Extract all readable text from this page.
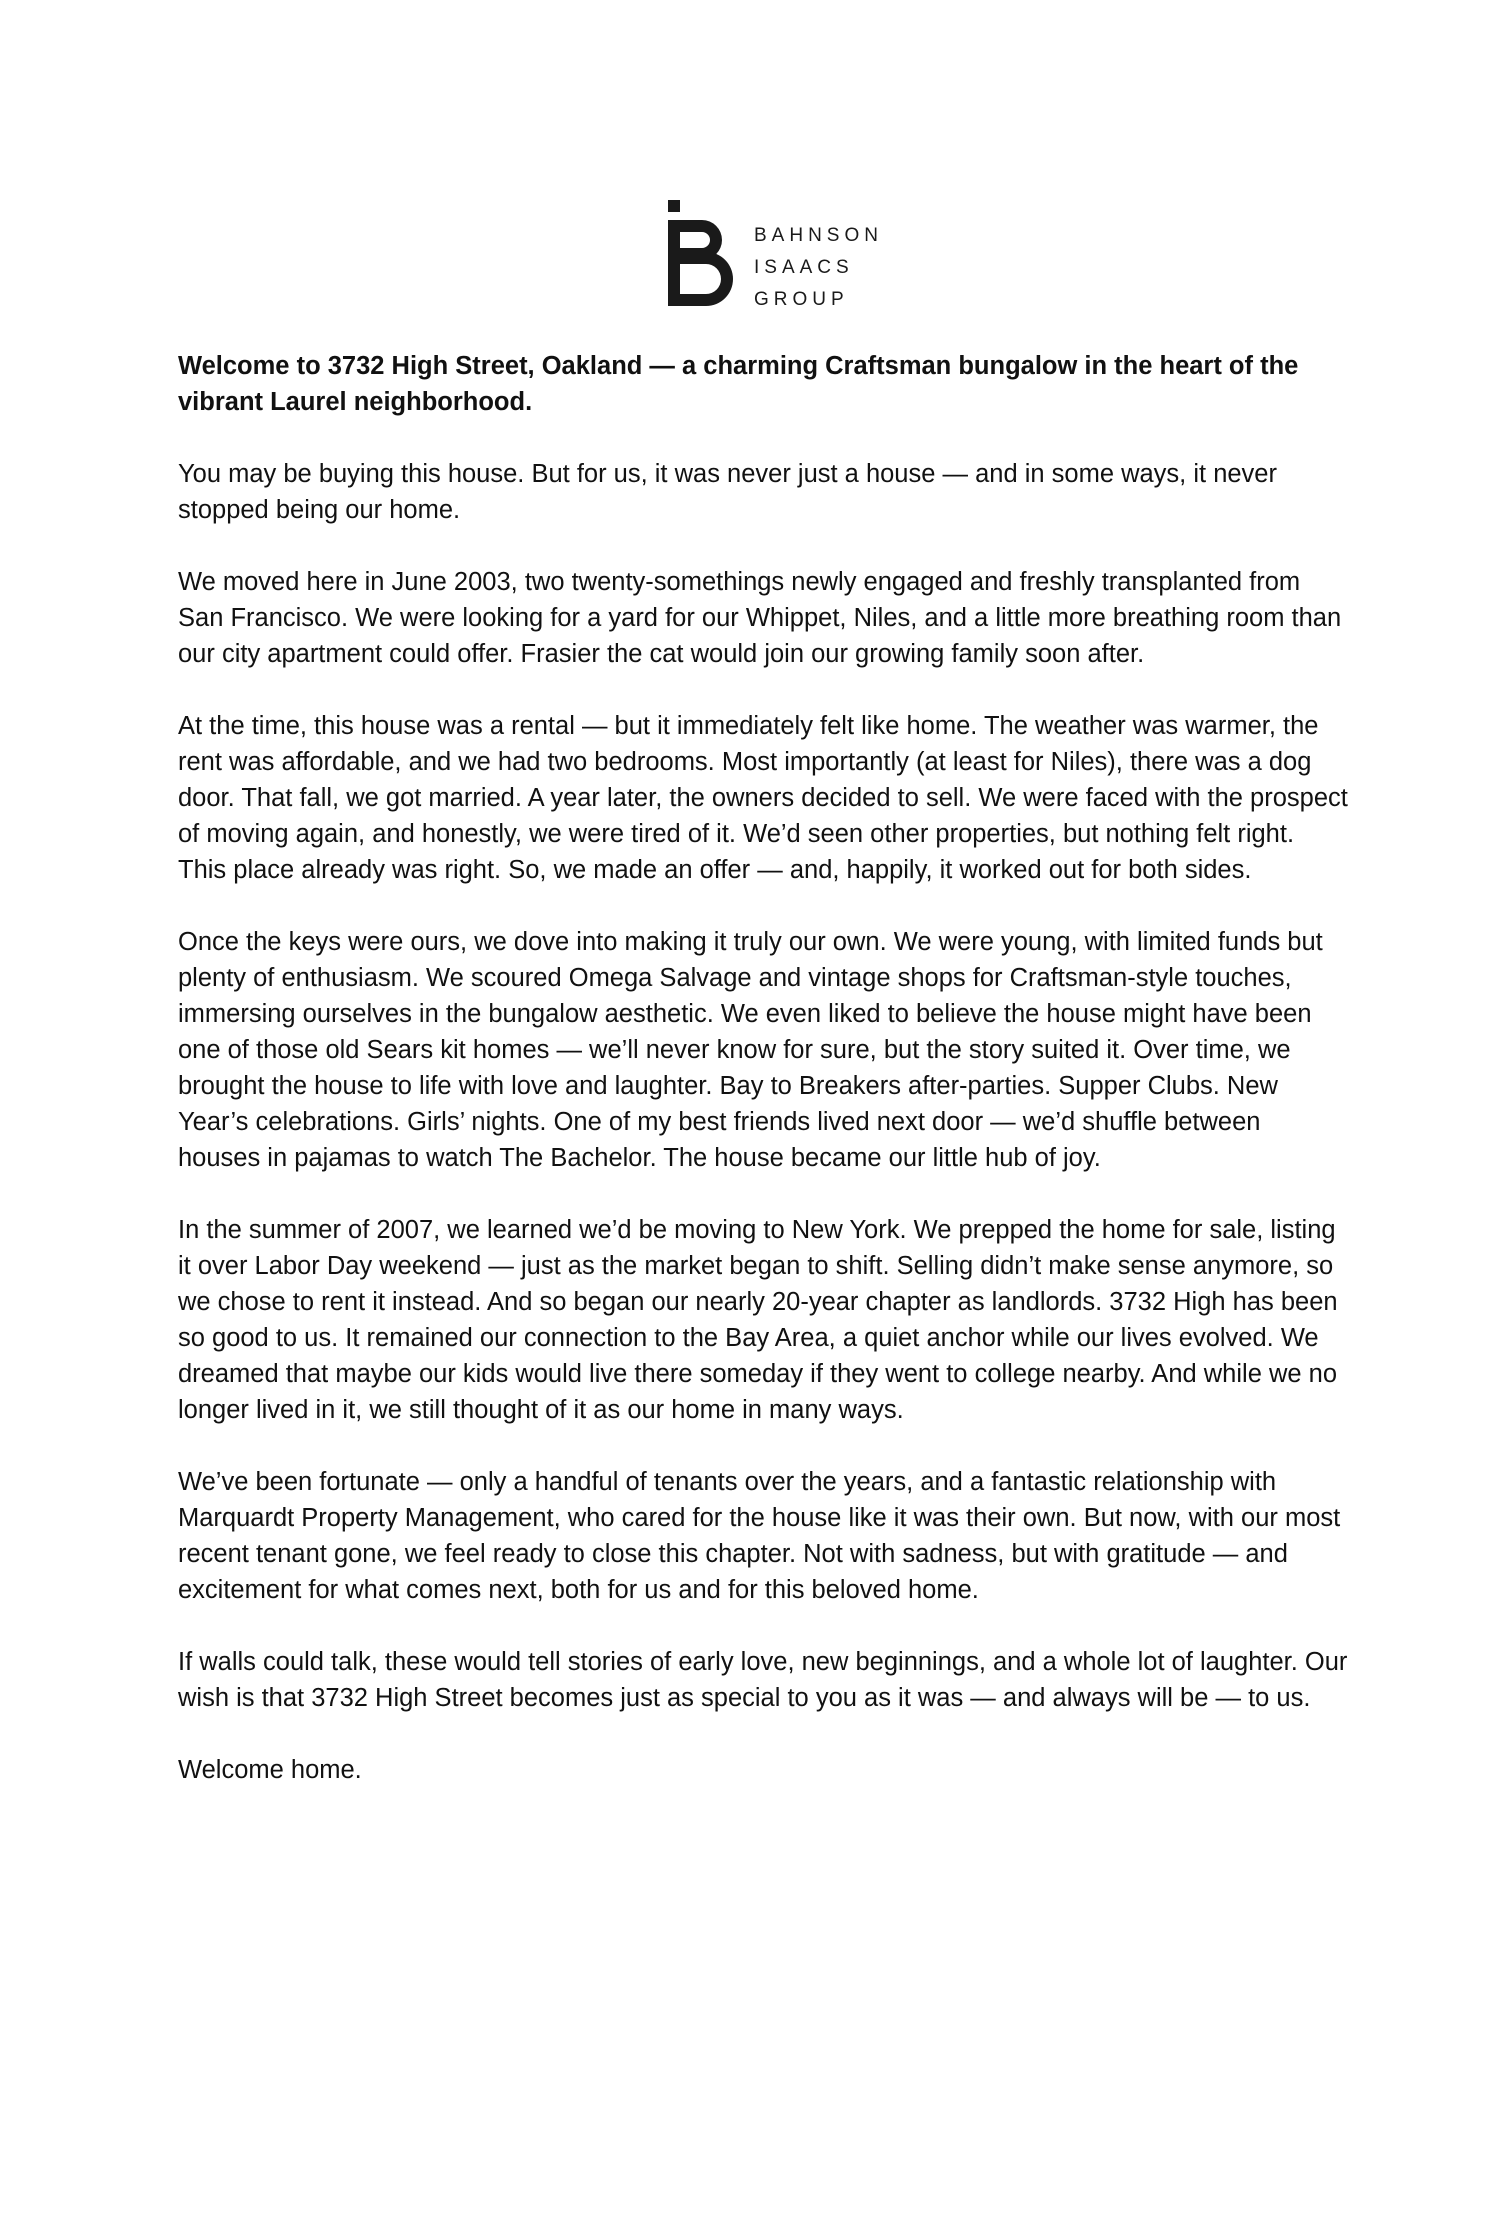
BAHNSON
ISAACS
GROUP

Welcome to 3732 High Street, Oakland — a charming Craftsman bungalow in the heart of the vibrant Laurel neighborhood.

You may be buying this house. But for us, it was never just a house — and in some ways, it never stopped being our home.

We moved here in June 2003, two twenty-somethings newly engaged and freshly transplanted from San Francisco. We were looking for a yard for our Whippet, Niles, and a little more breathing room than our city apartment could offer. Frasier the cat would join our growing family soon after.

At the time, this house was a rental — but it immediately felt like home. The weather was warmer, the rent was affordable, and we had two bedrooms. Most importantly (at least for Niles), there was a dog door. That fall, we got married. A year later, the owners decided to sell. We were faced with the prospect of moving again, and honestly, we were tired of it. We’d seen other properties, but nothing felt right. This place already was right. So, we made an offer — and, happily, it worked out for both sides.

Once the keys were ours, we dove into making it truly our own. We were young, with limited funds but plenty of enthusiasm. We scoured Omega Salvage and vintage shops for Craftsman-style touches, immersing ourselves in the bungalow aesthetic. We even liked to believe the house might have been one of those old Sears kit homes — we’ll never know for sure, but the story suited it. Over time, we brought the house to life with love and laughter. Bay to Breakers after-parties. Supper Clubs. New Year’s celebrations. Girls’ nights. One of my best friends lived next door — we’d shuffle between houses in pajamas to watch The Bachelor. The house became our little hub of joy.

In the summer of 2007, we learned we’d be moving to New York. We prepped the home for sale, listing it over Labor Day weekend — just as the market began to shift. Selling didn’t make sense anymore, so we chose to rent it instead. And so began our nearly 20-year chapter as landlords. 3732 High has been so good to us. It remained our connection to the Bay Area, a quiet anchor while our lives evolved. We dreamed that maybe our kids would live there someday if they went to college nearby. And while we no longer lived in it, we still thought of it as our home in many ways.

We’ve been fortunate — only a handful of tenants over the years, and a fantastic relationship with Marquardt Property Management, who cared for the house like it was their own. But now, with our most recent tenant gone, we feel ready to close this chapter. Not with sadness, but with gratitude — and excitement for what comes next, both for us and for this beloved home.

If walls could talk, these would tell stories of early love, new beginnings, and a whole lot of laughter. Our wish is that 3732 High Street becomes just as special to you as it was — and always will be — to us.

Welcome home.
